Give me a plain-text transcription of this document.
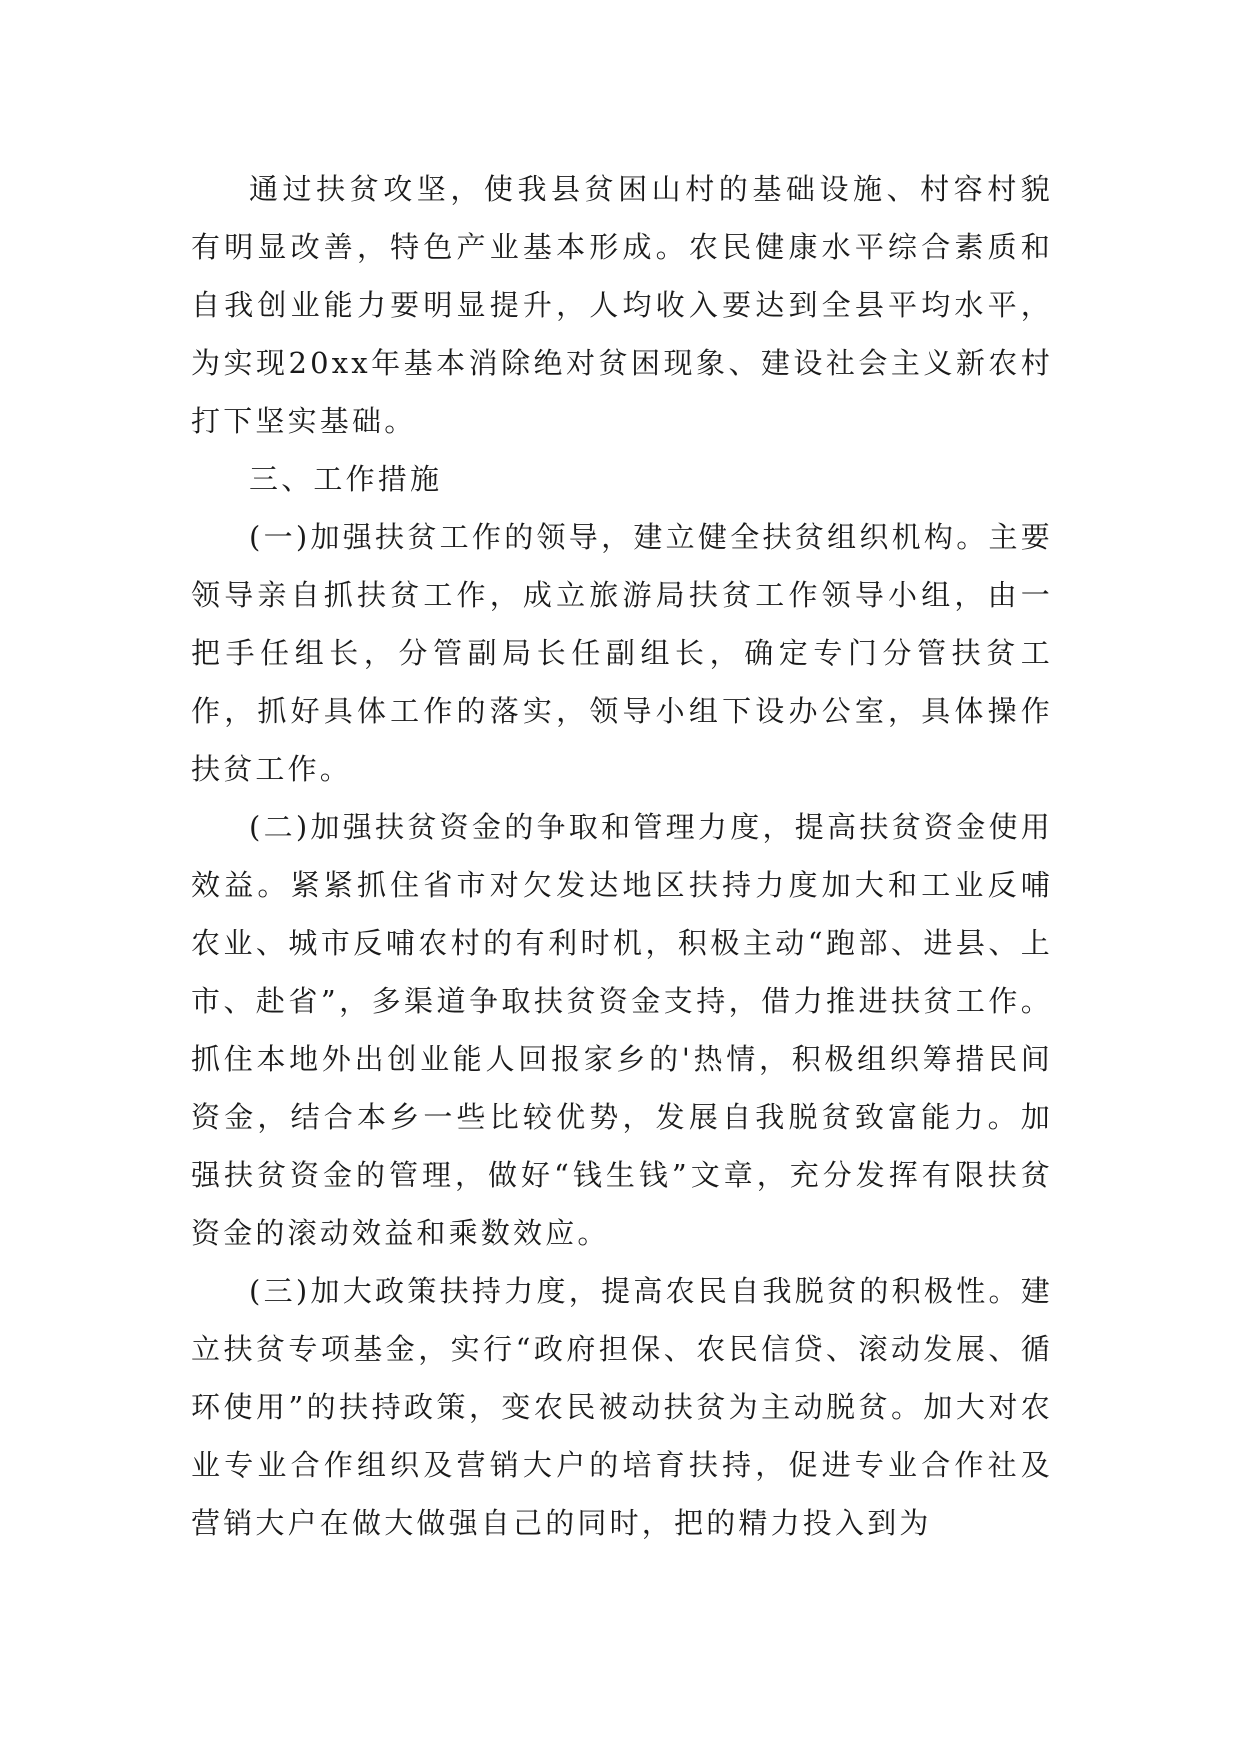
通过扶贫攻坚，使我县贫困山村的基础设施、村容村貌有明显改善，特色产业基本形成。农民健康水平综合素质和自我创业能力要明显提升，人均收入要达到全县平均水平，为实现20xx年基本消除绝对贫困现象、建设社会主义新农村打下坚实基础。

三、工作措施

(一)加强扶贫工作的领导，建立健全扶贫组织机构。主要领导亲自抓扶贫工作，成立旅游局扶贫工作领导小组，由一把手任组长，分管副局长任副组长，确定专门分管扶贫工作，抓好具体工作的落实，领导小组下设办公室，具体操作扶贫工作。

(二)加强扶贫资金的争取和管理力度，提高扶贫资金使用效益。紧紧抓住省市对欠发达地区扶持力度加大和工业反哺农业、城市反哺农村的有利时机，积极主动“跑部、进县、上市、赴省”，多渠道争取扶贫资金支持，借力推进扶贫工作。抓住本地外出创业能人回报家乡的'热情，积极组织筹措民间资金，结合本乡一些比较优势，发展自我脱贫致富能力。加强扶贫资金的管理，做好“钱生钱”文章，充分发挥有限扶贫资金的滚动效益和乘数效应。

(三)加大政策扶持力度，提高农民自我脱贫的积极性。建立扶贫专项基金，实行“政府担保、农民信贷、滚动发展、循环使用”的扶持政策，变农民被动扶贫为主动脱贫。加大对农业专业合作组织及营销大户的培育扶持，促进专业合作社及营销大户在做大做强自己的同时，把的精力投入到为
